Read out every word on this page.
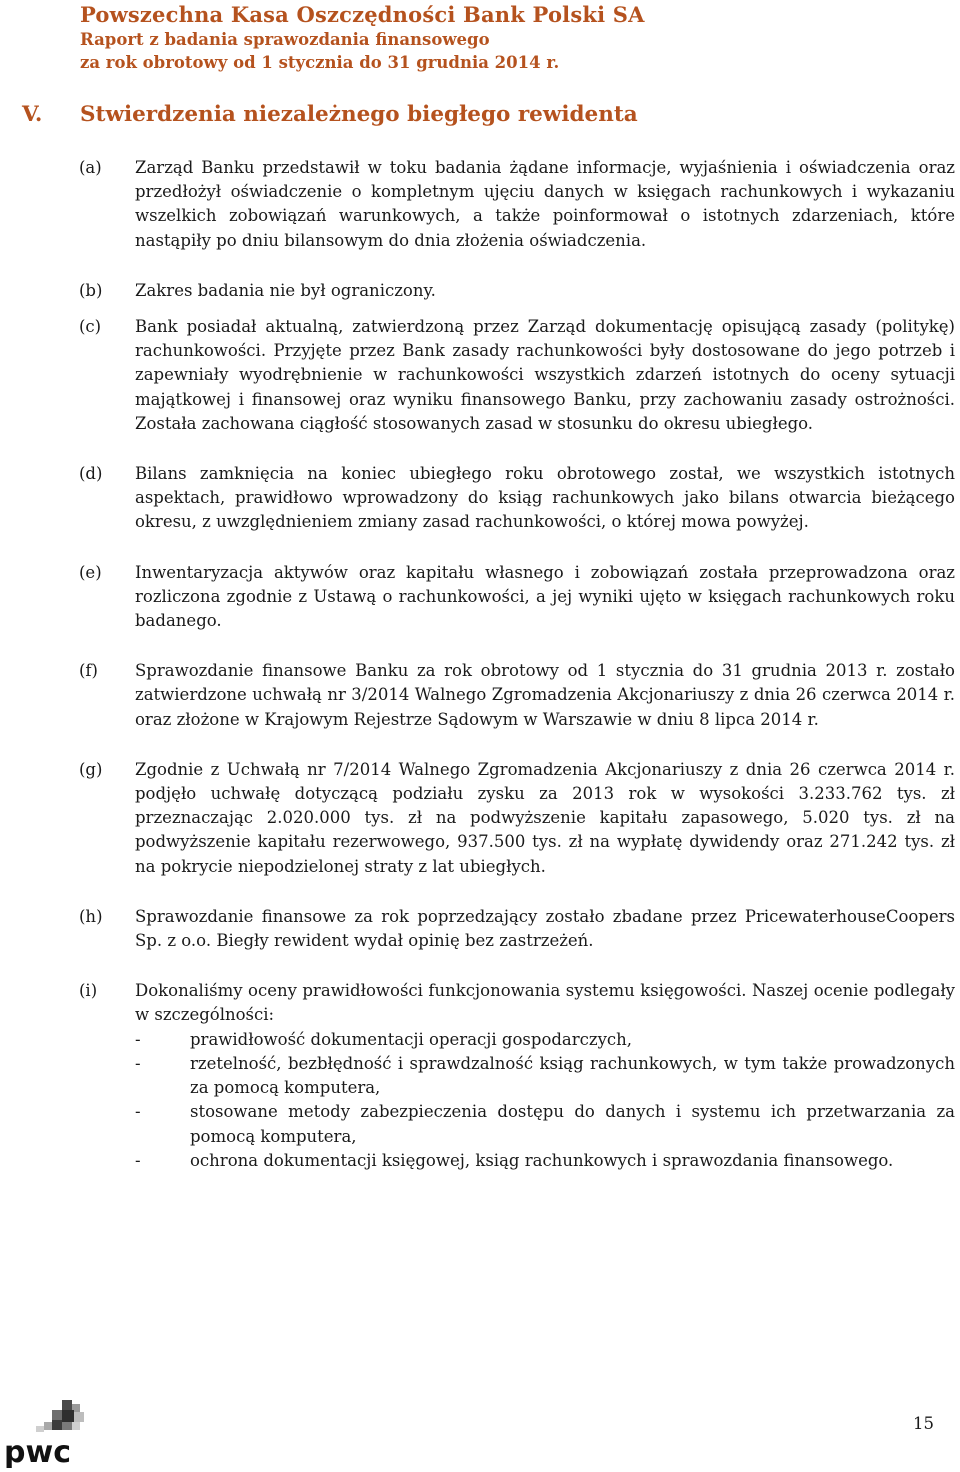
Powszechna Kasa Oszczędności Bank Polski SA
Raport z badania sprawozdania finansowego
za rok obrotowy od 1 stycznia do 31 grudnia 2014 r.
V. Stwierdzenia niezależnego biegłego rewidenta
(a)	Zarząd Banku przedstawił w toku badania żądane informacje, wyjaśnienia i oświadczenia oraz przedłożył oświadczenie o kompletnym ujęciu danych w księgach rachunkowych i wykazaniu wszelkich zobowiązań warunkowych, a także poinformował o istotnych zdarzeniach, które nastąpiły po dniu bilansowym do dnia złożenia oświadczenia.
(b)	Zakres badania nie był ograniczony.
(c)	Bank posiadał aktualną, zatwierdzoną przez Zarząd dokumentację opisującą zasady (politykę) rachunkowości. Przyjęte przez Bank zasady rachunkowości były dostosowane do jego potrzeb i zapewniały wyodrębnienie w rachunkowości wszystkich zdarzeń istotnych do oceny sytuacji majątkowej i finansowej oraz wyniku finansowego Banku, przy zachowaniu zasady ostrożności. Została zachowana ciągłość stosowanych zasad w stosunku do okresu ubiegłego.
(d)	Bilans zamknięcia na koniec ubiegłego roku obrotowego został, we wszystkich istotnych aspektach, prawidłowo wprowadzony do ksiąg rachunkowych jako bilans otwarcia bieżącego okresu, z uwzględnieniem zmiany zasad rachunkowości, o której mowa powyżej.
(e)	Inwentaryzacja aktywów oraz kapitału własnego i zobowiązań została przeprowadzona oraz rozliczona zgodnie z Ustawą o rachunkowości, a jej wyniki ujęto w księgach rachunkowych roku badanego.
(f)	Sprawozdanie finansowe Banku za rok obrotowy od 1 stycznia do 31 grudnia 2013 r. zostało zatwierdzone uchwałą nr 3/2014 Walnego Zgromadzenia Akcjonariuszy z dnia 26 czerwca 2014 r. oraz złożone w Krajowym Rejestrze Sądowym w Warszawie w dniu 8 lipca 2014 r.
(g)	Zgodnie z Uchwałą nr 7/2014 Walnego Zgromadzenia Akcjonariuszy z dnia 26 czerwca 2014 r. podjęło uchwałę dotyczącą podziału zysku za 2013 rok w wysokości 3.233.762 tys. zł przeznaczając 2.020.000 tys. zł na podwyższenie kapitału zapasowego, 5.020 tys. zł na podwyższenie kapitału rezerwowego, 937.500 tys. zł na wypłatę dywidendy oraz 271.242 tys. zł na pokrycie niepodzielonej straty z lat ubiegłych.
(h)	Sprawozdanie finansowe za rok poprzedzający zostało zbadane przez PricewaterhouseCoopers Sp. z o.o. Biegły rewident wydał opinię bez zastrzeżeń.
(i)	Dokonaliśmy oceny prawidłowości funkcjonowania systemu księgowości. Naszej ocenie podlegały w szczególności:
-	prawidłowość dokumentacji operacji gospodarczych,
-	rzetelność, bezbłędność i sprawdzalność ksiąg rachunkowych, w tym także prowadzonych za pomocą komputera,
-	stosowane metody zabezpieczenia dostępu do danych i systemu ich przetwarzania za pomocą komputera,
-	ochrona dokumentacji księgowej, ksiąg rachunkowych i sprawozdania finansowego.
pwc
15
